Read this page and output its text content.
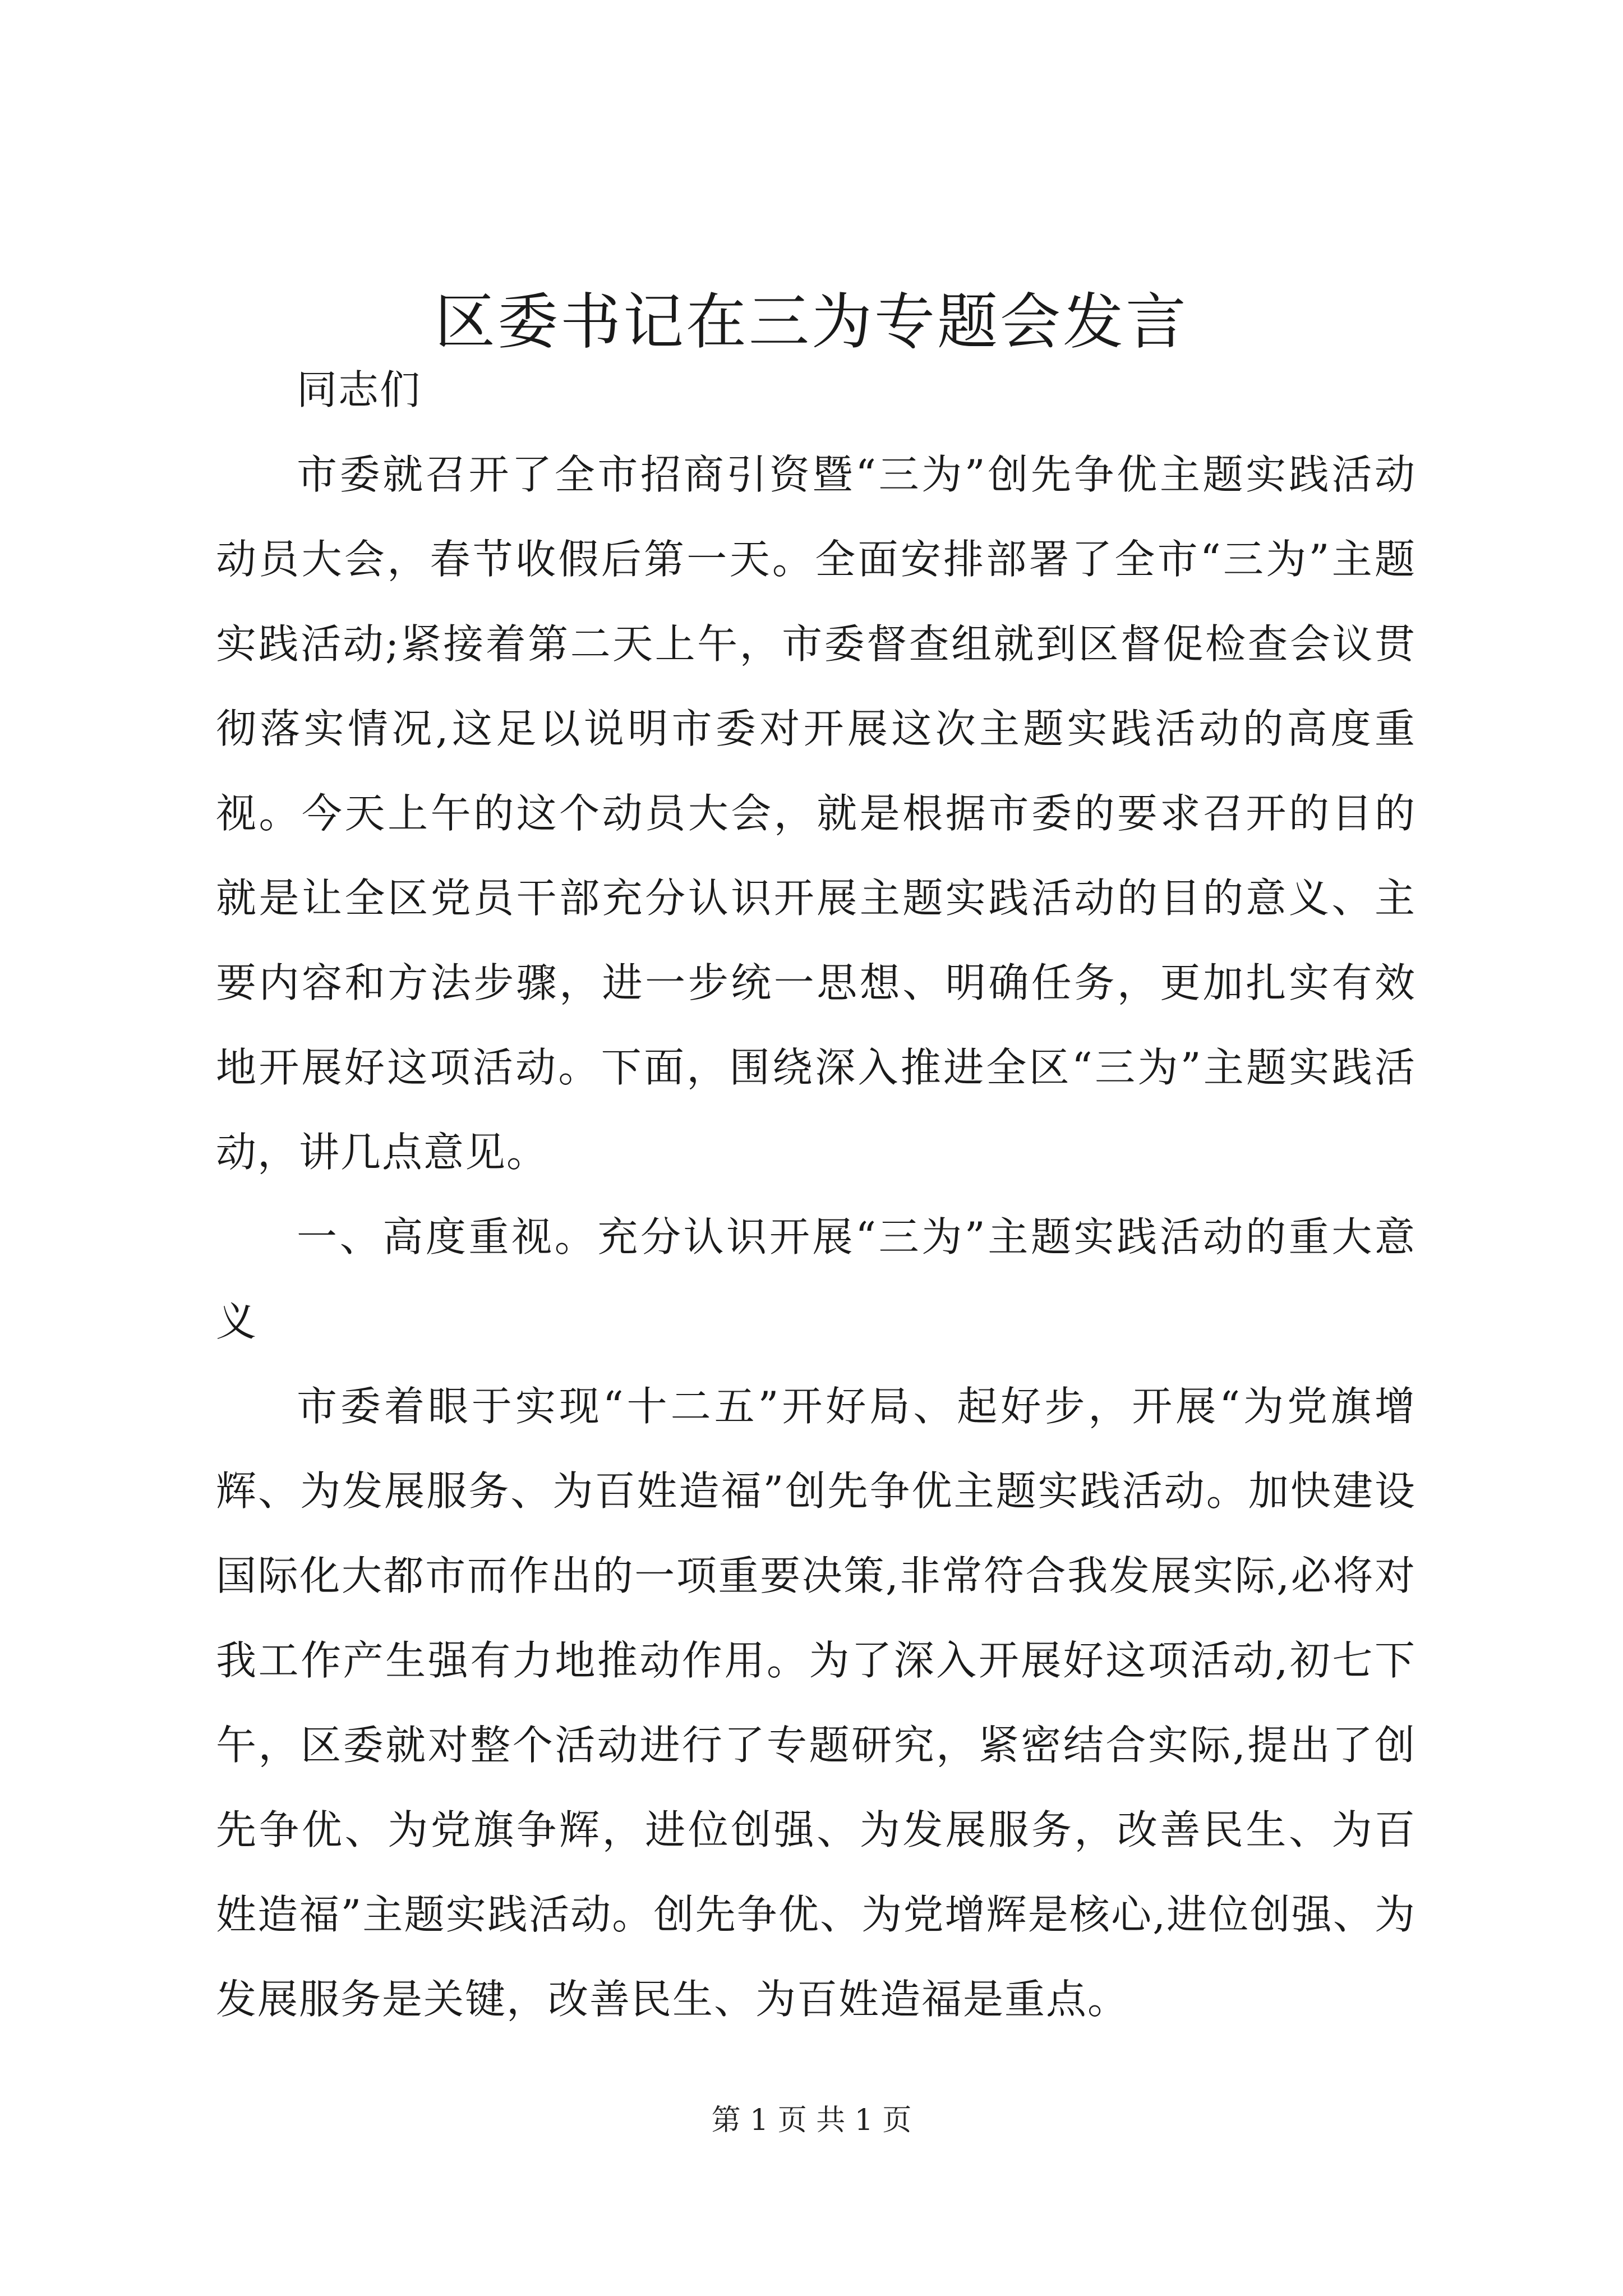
区委书记在三为专题会发言

同志们

市委就召开了全市招商引资暨“三为”创先争优主题实践活动动员大会，春节收假后第一天。全面安排部署了全市“三为”主题实践活动;紧接着第二天上午，市委督查组就到区督促检查会议贯彻落实情况,这足以说明市委对开展这次主题实践活动的高度重视。今天上午的这个动员大会，就是根据市委的要求召开的目的就是让全区党员干部充分认识开展主题实践活动的目的意义、主要内容和方法步骤，进一步统一思想、明确任务，更加扎实有效地开展好这项活动。下面，围绕深入推进全区“三为”主题实践活动，讲几点意见。

一、高度重视。充分认识开展“三为”主题实践活动的重大意义

市委着眼于实现“十二五”开好局、起好步，开展“为党旗增辉、为发展服务、为百姓造福”创先争优主题实践活动。加快建设国际化大都市而作出的一项重要决策,非常符合我发展实际,必将对我工作产生强有力地推动作用。为了深入开展好这项活动,初七下午，区委就对整个活动进行了专题研究，紧密结合实际,提出了创先争优、为党旗争辉，进位创强、为发展服务，改善民生、为百姓造福”主题实践活动。创先争优、为党增辉是核心,进位创强、为发展服务是关键，改善民生、为百姓造福是重点。

第 1 页 共 1 页
